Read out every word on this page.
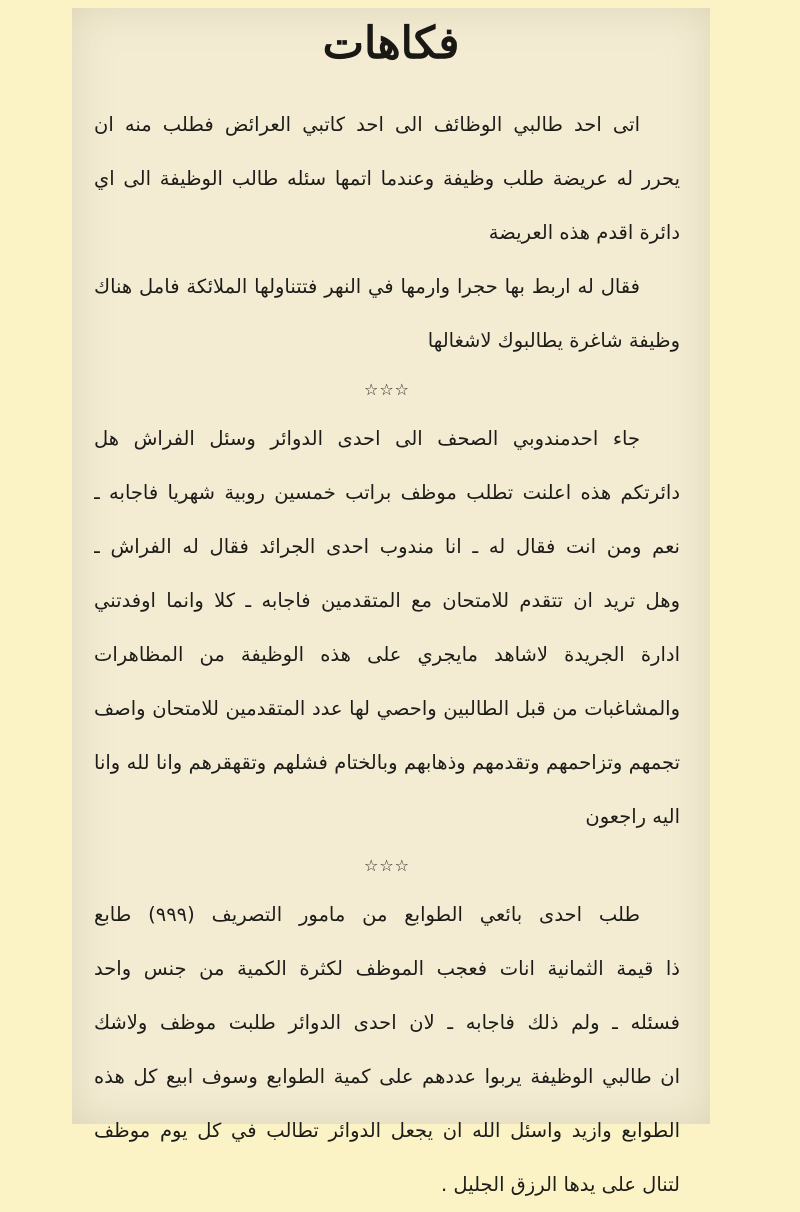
فكاهات
اتى احد طالبي الوظائف الى احد كاتبي العرائض فطلب منه ان
يحرر له عريضة طلب وظيفة وعندما اتمها سئله طالب الوظيفة الى اي
دائرة اقدم هذه العريضة
فقال له اربط بها حجرا وارمها في النهر فتتناولها الملائكة فامل هناك
وظيفة شاغرة يطالبوك لاشغالها
☆☆☆
جاء احدمندوبي الصحف الى احدى الدوائر وسئل الفراش هل
دائرتكم هذه اعلنت تطلب موظف براتب خمسين روبية شهريا فاجابه ـ
نعم ومن انت فقال له ـ انا مندوب احدى الجرائد فقال له الفراش ـ
وهل تريد ان تتقدم للامتحان مع المتقدمين فاجابه ـ كلا وانما اوفدتني
ادارة الجريدة لاشاهد مايجري على هذه الوظيفة من المظاهرات
والمشاغبات من قبل الطالبين واحصي لها عدد المتقدمين للامتحان واصف
تجمهم وتزاحمهم وتقدمهم وذهابهم وبالختام فشلهم وتقهقرهم وانا لله وانا
اليه راجعون
☆☆☆
طلب احدى بائعي الطوابع من مامور التصريف (٩٩٩) طابع
ذا قيمة الثمانية انات فعجب الموظف لكثرة الكمية من جنس واحد
فسئله ـ ولم ذلك فاجابه ـ لان احدى الدوائر طلبت موظف ولاشك
ان طالبي الوظيفة يربوا عددهم على كمية الطوابع وسوف ابيع كل هذه
الطوابع وازيد واسئل الله ان يجعل الدوائر تطالب في كل يوم موظف
لتنال على يدها الرزق الجليل .
